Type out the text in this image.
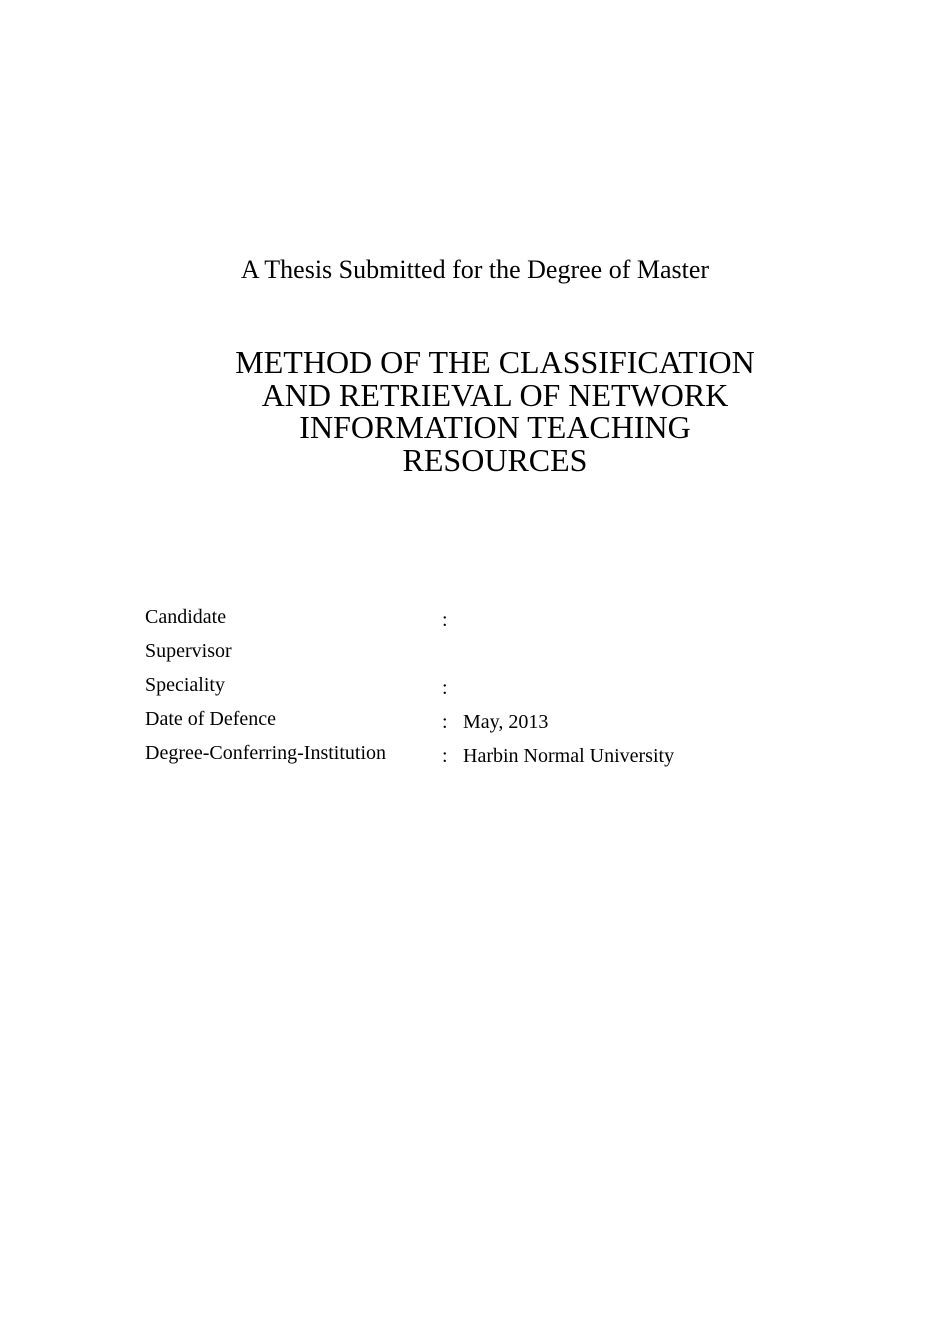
A Thesis Submitted for the Degree of Master

METHOD OF THE CLASSIFICATION
AND RETRIEVAL OF NETWORK
INFORMATION TEACHING
RESOURCES
Candidate	:
Supervisor
Speciality	:
Date of Defence	: May, 2013
Degree-Conferring-Institution	: Harbin Normal University
